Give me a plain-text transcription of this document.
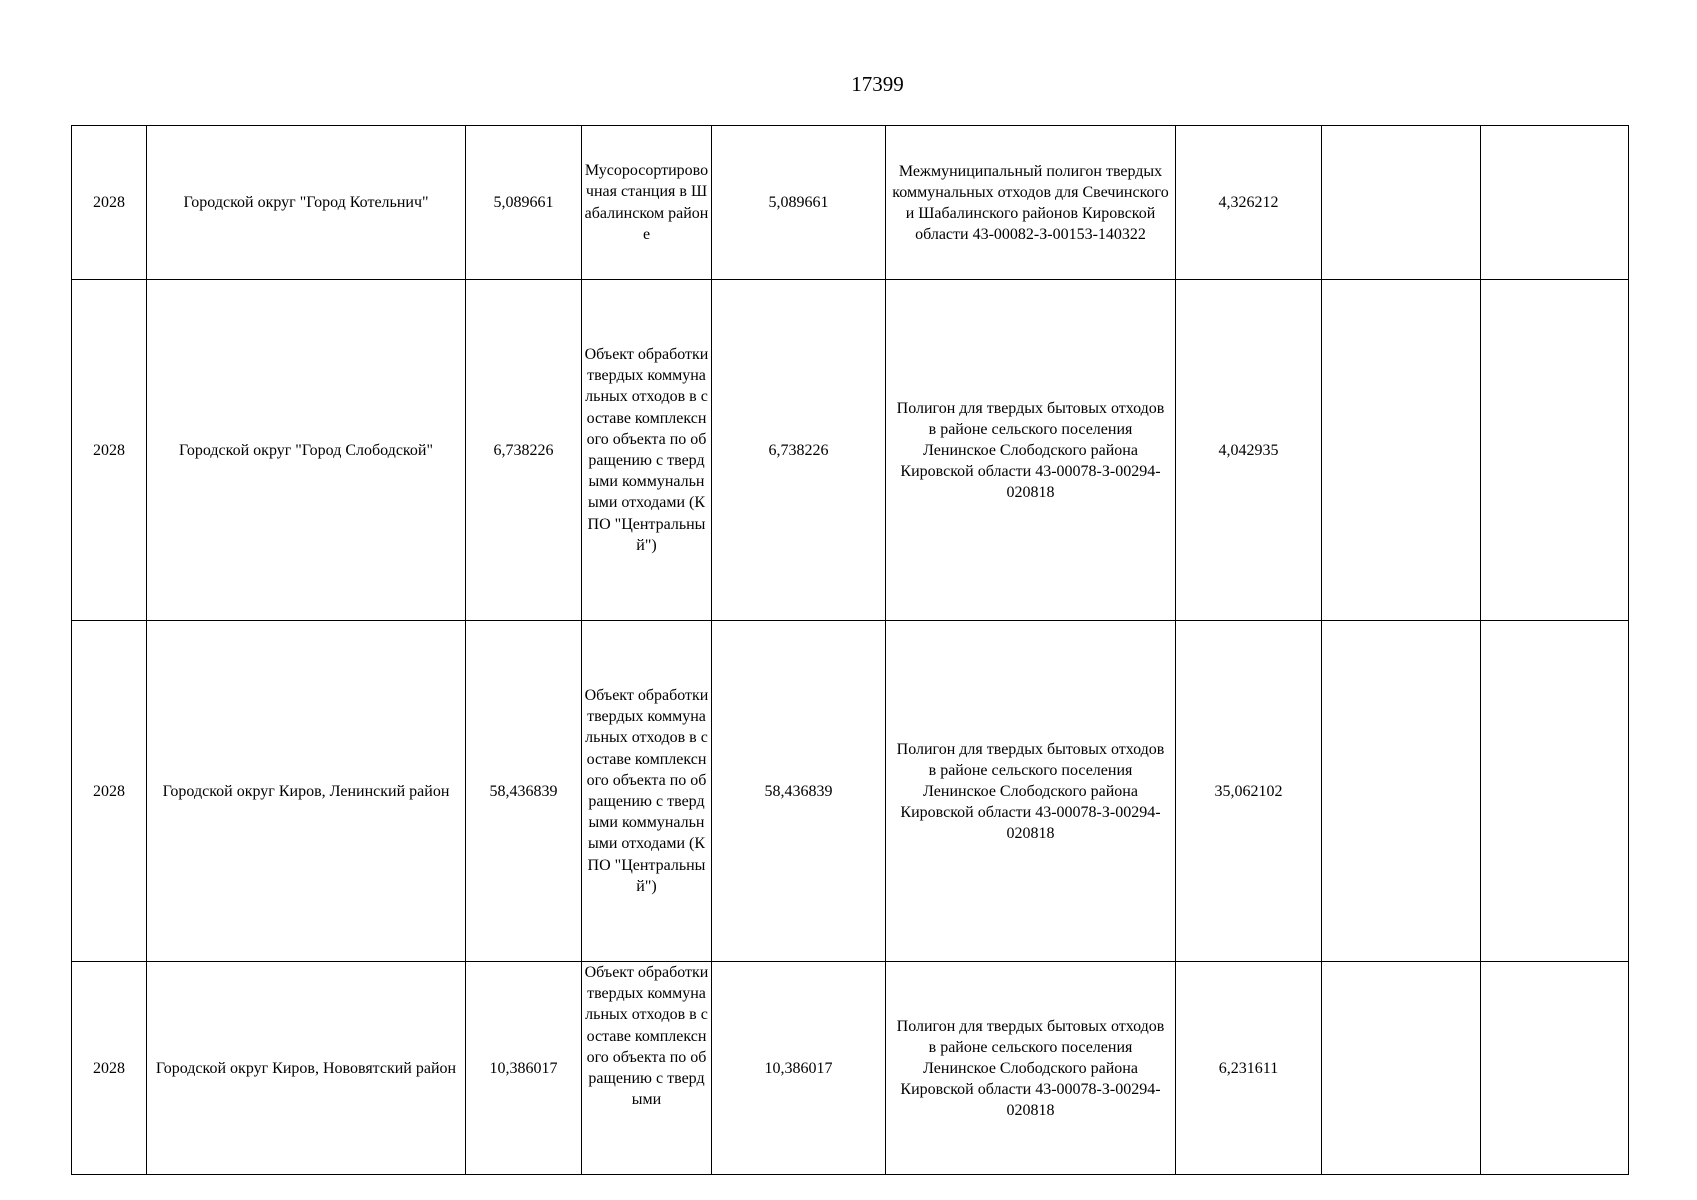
17399
2028	Городской округ "Город Котельнич"	5,089661	Мусоросортировочная станция в Шабалинском районе	5,089661	Межмуниципальный полигон твердых коммунальных отходов для Свечинского и Шабалинского районов Кировской области 43-00082-З-00153-140322	4,326212		
2028	Городской округ "Город Слободской"	6,738226	Объект обработки твердых коммунальных отходов в составе комплексного объекта по обращению с твердыми коммунальными отходами (КПО "Центральный")	6,738226	Полигон для твердых бытовых отходов в районе сельского поселения Ленинское Слободского района Кировской области 43-00078-З-00294-020818	4,042935		
2028	Городской округ Киров, Ленинский район	58,436839	Объект обработки твердых коммунальных отходов в составе комплексного объекта по обращению с твердыми коммунальными отходами (КПО "Центральный")	58,436839	Полигон для твердых бытовых отходов в районе сельского поселения Ленинское Слободского района Кировской области 43-00078-З-00294-020818	35,062102		
2028	Городской округ Киров, Нововятский район	10,386017	Объект обработки твердых коммунальных отходов в составе комплексного объекта по обращению с твердыми	10,386017	Полигон для твердых бытовых отходов в районе сельского поселения Ленинское Слободского района Кировской области 43-00078-З-00294-020818	6,231611		
